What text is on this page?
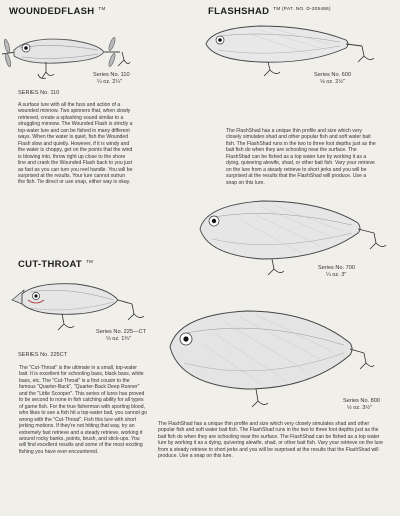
WOUNDEDFLASH ™
Series No. 110
¼ oz. 2¼"
SERIES No. 110
A surface lure with all the fuss and action of a wounded minnow. Two spinners that, when slowly retrieved, create a splashing sound similar to a struggling minnow. The Wounded Flash is strictly a top-water lure and can be fished in many different ways. When the water is quiet, fish the Wounded Flash slow and quietly. However, if it is windy and the water is choppy, get on the points that the wind is blowing into, throw right up close to the shore line and crank the Wounded Flash back to you just as fast as you can turn you reel handle. You will be surprised at the results. Your lure cannot outrun the fish. Tie direct or use snap, either way is okay.
FLASHSHAD $^{TM (PAT. NO. D-205486)}$
Series No. 600
⅛ oz. 2½"
The FlashShad has a unique thin profile and size which very closely simulates shad and other popular fish and soft water bait fish. The FlashShad runs in the two to three foot depths just as the bait fish do when they are schooling near the surface. The FlashShad can be fished as a top water lure by working it as a dying, quivering alewife, shad, or other bait fish. Vary your retrieve on the lure from a steady retrieve to short jerks and you will be surprised at the results that the FlashShad will produce. Use a snap on this lure.
Series No. 700
¼ oz. 3"
Series No. 800
½ oz. 3½"
The FlashShad has a unique thin profile and size which very closely simulates shad and other popular fish and soft water bait fish. The FlashShad runs in the two to three foot depths just as the bait fish do when they are schooling near the surface. The FlashShad can be fished as a top water lure by working it as a dying, quivering alewife, shad, or other bait fish. Vary your retrieve on the lure from a steady retrieve to short jerks and you will be surprised at the results that the FlashShad will produce. Use a snap on this lure.
CUT-THROAT ™
Series No. 225—CT
⅓ oz. 1¾"
SERIES No. 225CT
The "Cut-Throat" is the ultimate in a small, top-water bait. It is excellent for schooling bass, black bass, white bass, etc. The "Cut-Throat" is a first cousin to the famous "Quarter-Back", "Quarter-Back Deep Runner" and the "Little Scooper". This series of lures has proved to be second to none in fish catching ability for all types of game fish. For the true fisherman with sporting blood, who likes to see a fish hit a top-water bait, you cannot go wrong with the "Cut-Throat". Fish this lure with short jerking motions. If they're not hitting that way, try an extremely fast retrieve and a steady retrieve, working it around rocky banks, points, brush, and stick-ups. You will find excellent results and some of the most exciting fishing you have ever encountered.
